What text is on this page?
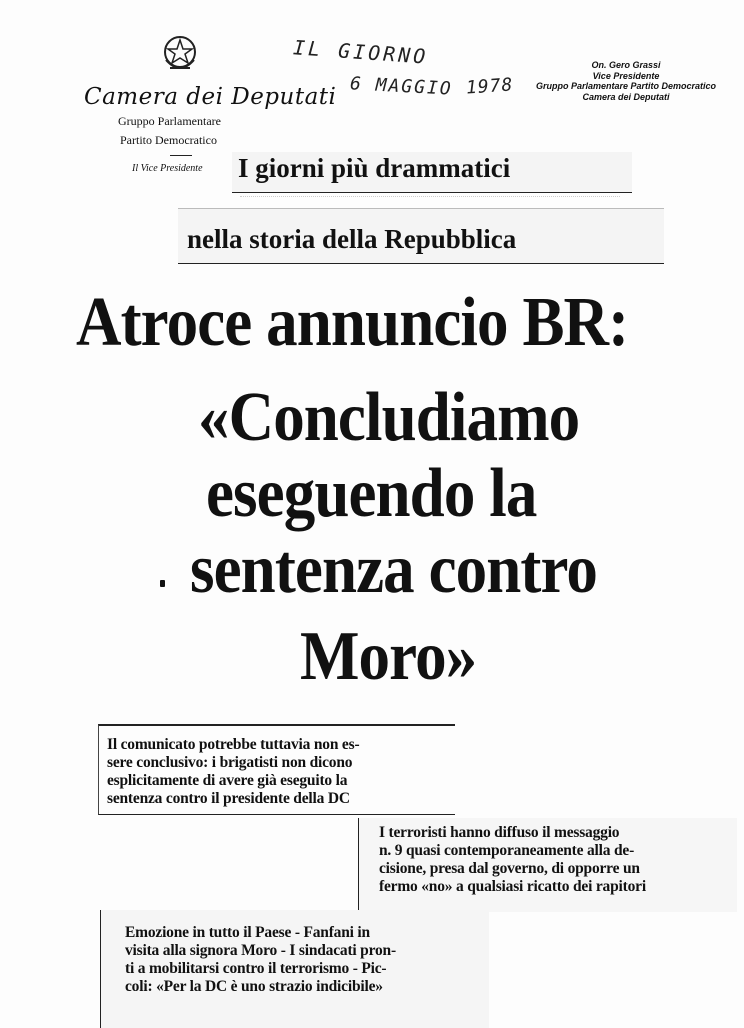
Camera dei Deputati
Gruppo Parlamentare
Partito Democratico
Il Vice Presidente
IL GIORNO
6 MAGGIO 1978
On. Gero Grassi
Vice Presidente
Gruppo Parlamentare Partito Democratico
Camera dei Deputati
I giorni più drammatici
nella storia della Repubblica
Atroce annuncio BR:
«Concludiamo
eseguendo la
sentenza contro
Moro»
Il comunicato potrebbe tuttavia non es-
sere conclusivo: i brigatisti non dicono
esplicitamente di avere già eseguito la
sentenza contro il presidente della DC
I terroristi hanno diffuso il messaggio
n. 9 quasi contemporaneamente alla de-
cisione, presa dal governo, di opporre un
fermo «no» a qualsiasi ricatto dei rapitori
Emozione in tutto il Paese - Fanfani in
visita alla signora Moro - I sindacati pron-
ti a mobilitarsi contro il terrorismo - Pic-
coli: «Per la DC è uno strazio indicibile»
